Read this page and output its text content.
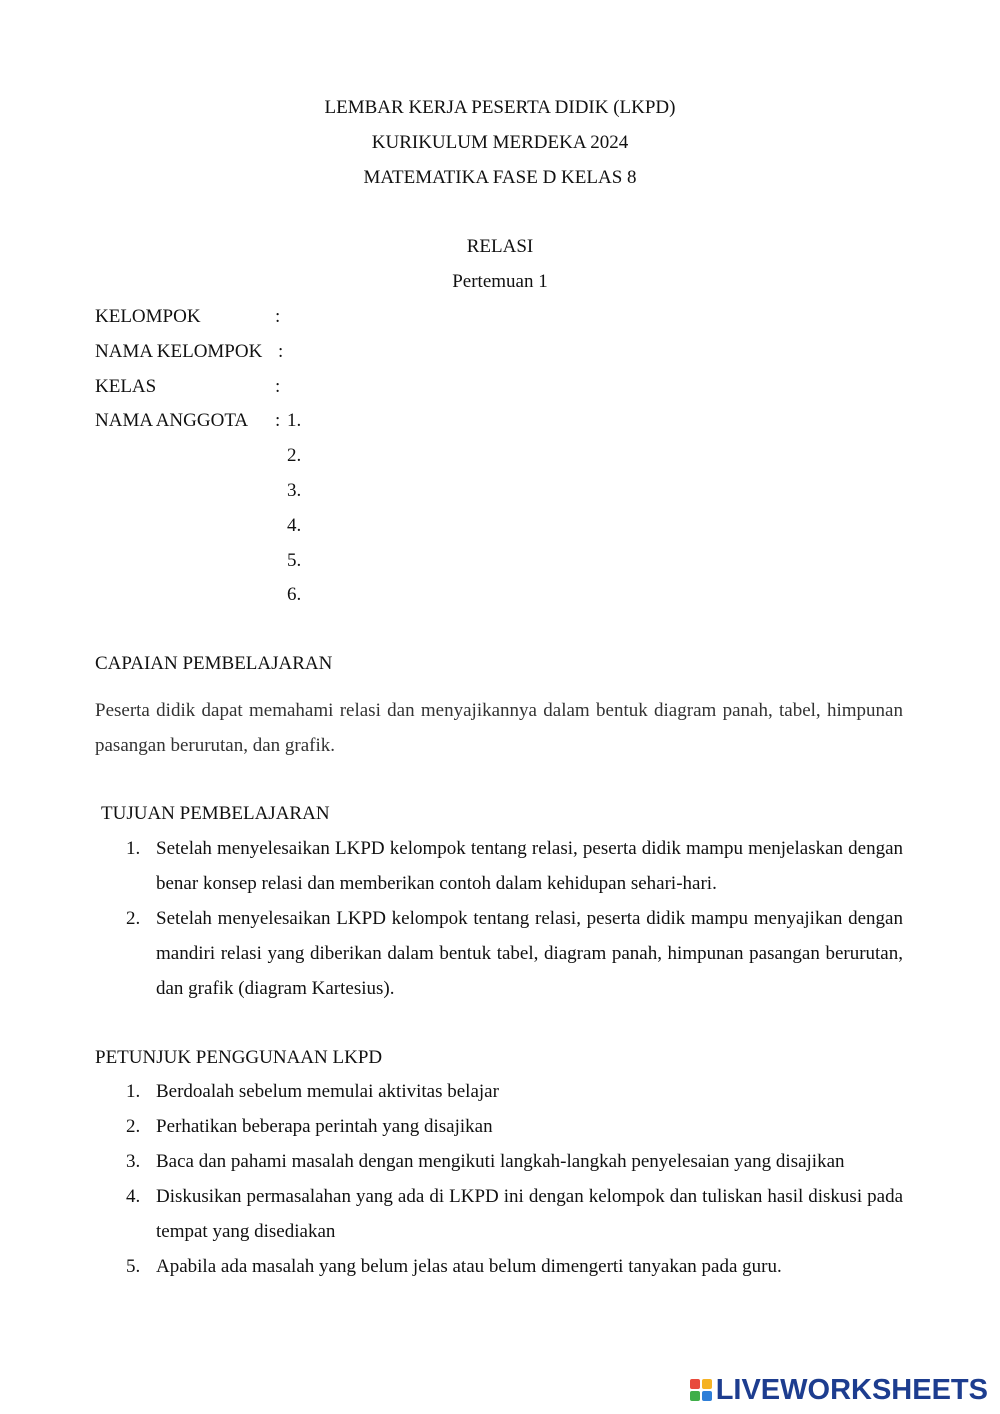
LEMBAR KERJA PESERTA DIDIK (LKPD)
KURIKULUM MERDEKA 2024
MATEMATIKA FASE D KELAS 8
RELASI
Pertemuan 1
KELOMPOK	:
NAMA KELOMPOK :
KELAS	:
NAMA ANGGOTA : 1.
2.
3.
4.
5.
6.
CAPAIAN PEMBELAJARAN
Peserta didik dapat memahami relasi dan menyajikannya dalam bentuk diagram panah, tabel, himpunan pasangan berurutan, dan grafik.
TUJUAN PEMBELAJARAN
1. Setelah menyelesaikan LKPD kelompok tentang relasi, peserta didik mampu menjelaskan dengan benar konsep relasi dan memberikan contoh dalam kehidupan sehari-hari.
2. Setelah menyelesaikan LKPD kelompok tentang relasi, peserta didik mampu menyajikan dengan mandiri relasi yang diberikan dalam bentuk tabel, diagram panah, himpunan pasangan berurutan, dan grafik (diagram Kartesius).
PETUNJUK PENGGUNAAN LKPD
1. Berdoalah sebelum memulai aktivitas belajar
2. Perhatikan beberapa perintah yang disajikan
3. Baca dan pahami masalah dengan mengikuti langkah-langkah penyelesaian yang disajikan
4. Diskusikan permasalahan yang ada di LKPD ini dengan kelompok dan tuliskan hasil diskusi pada tempat yang disediakan
5. Apabila ada masalah yang belum jelas atau belum dimengerti tanyakan pada guru.
LIVEWORKSHEETS
